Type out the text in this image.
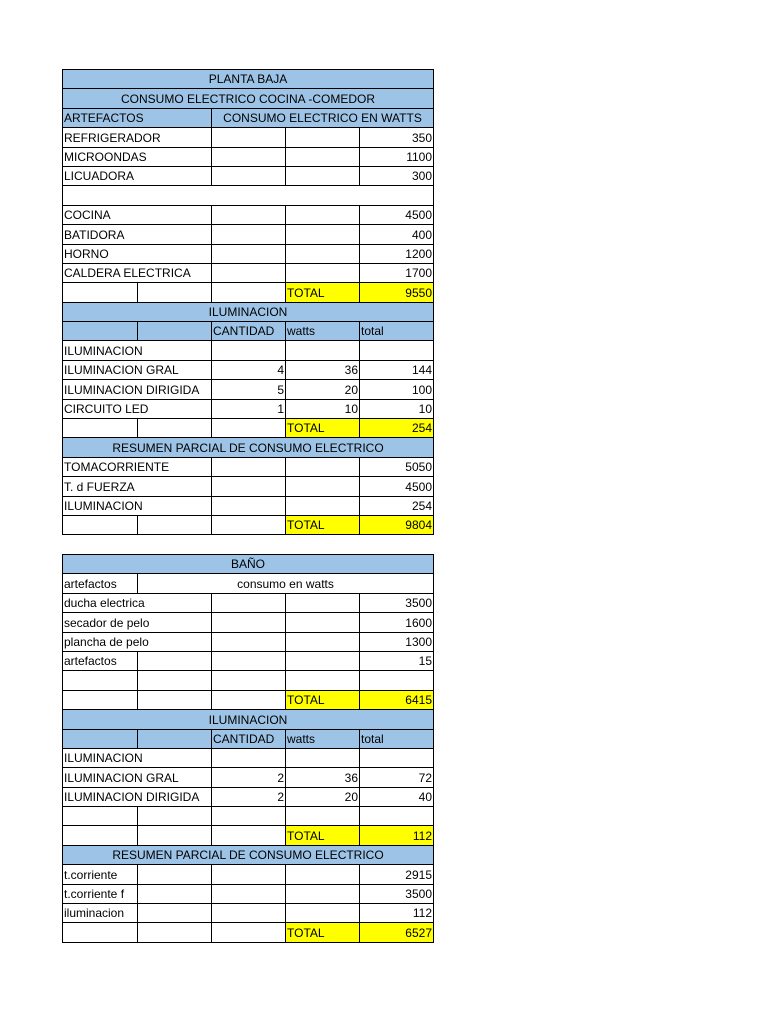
PLANTA BAJA				
CONSUMO ELECTRICO COCINA -COMEDOR				
ARTEFACTOS		CONSUMO ELECTRICO EN WATTS		
REFRIGERADOR				350
MICROONDAS				1100
LICUADORA				300

COCINA				4500
BATIDORA				400
HORNO				1200
CALDERA ELECTRICA				1700
			TOTAL	9550
ILUMINACION				
		CANTIDAD	watts	total
ILUMINACION				
ILUMINACION GRAL		4	36	144
ILUMINACION DIRIGIDA		5	20	100
CIRCUITO LED		1	10	10
			TOTAL	254
RESUMEN PARCIAL DE CONSUMO ELECTRICO				
TOMACORRIENTE				5050
T. d FUERZA				4500
ILUMINACION				254
			TOTAL	9804
BAÑO				
artefactos	consumo en watts			
ducha electrica				3500
secador de pelo				1600
plancha de pelo				1300
artefactos				15

			TOTAL	6415
ILUMINACION				
		CANTIDAD	watts	total
ILUMINACION				
ILUMINACION GRAL		2	36	72
ILUMINACION DIRIGIDA		2	20	40

			TOTAL	112
RESUMEN PARCIAL DE CONSUMO ELECTRICO				
t.corriente				2915
t.corriente f				3500
iluminacion				112
			TOTAL	6527
